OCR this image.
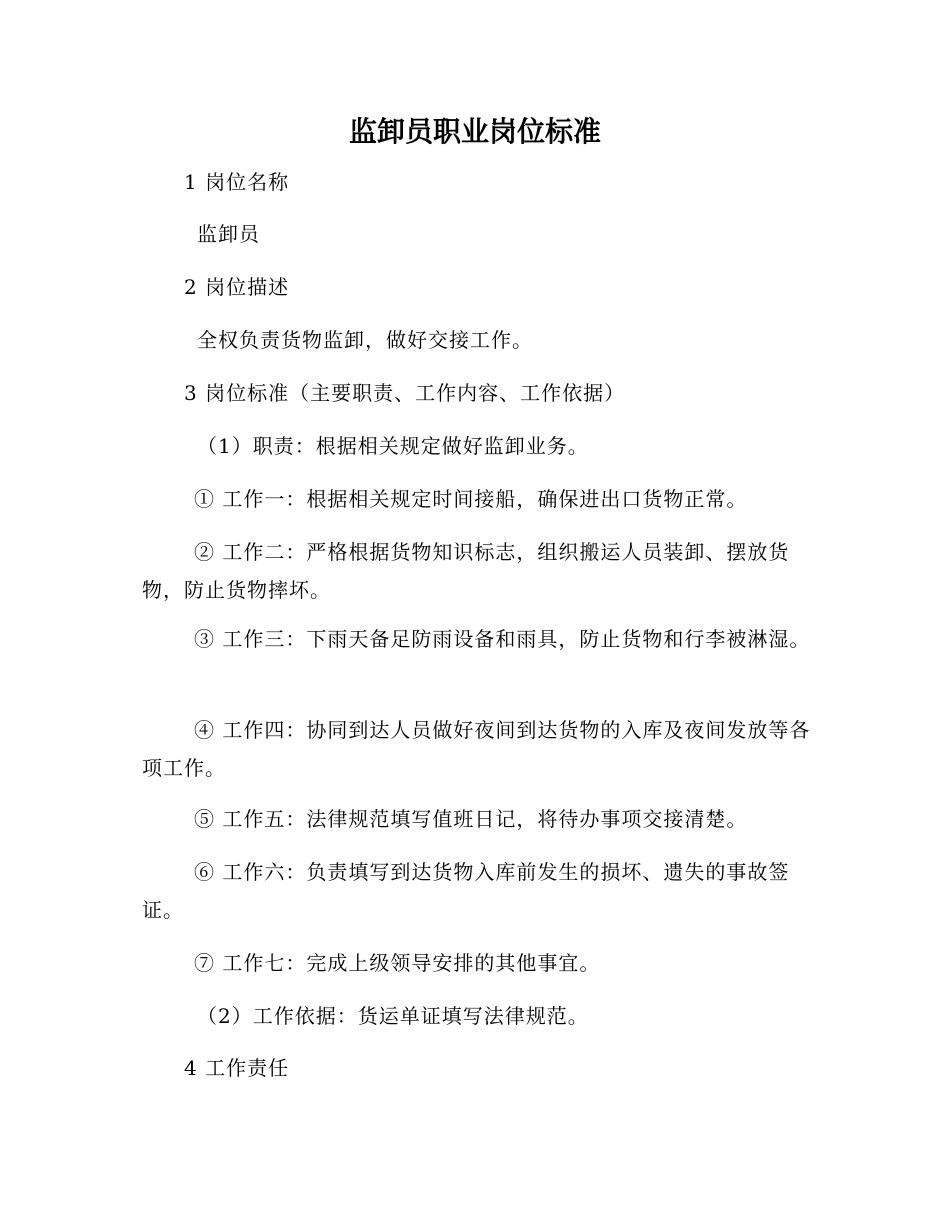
监卸员职业岗位标准

1 岗位名称

监卸员

2 岗位描述

全权负责货物监卸，做好交接工作。

3 岗位标准（主要职责、工作内容、工作依据）

（1）职责：根据相关规定做好监卸业务。

① 工作一：根据相关规定时间接船，确保进出口货物正常。

② 工作二：严格根据货物知识标志，组织搬运人员装卸、摆放货物，防止货物摔坏。

③ 工作三：下雨天备足防雨设备和雨具，防止货物和行李被淋湿。

④ 工作四：协同到达人员做好夜间到达货物的入库及夜间发放等各项工作。

⑤ 工作五：法律规范填写值班日记，将待办事项交接清楚。

⑥ 工作六：负责填写到达货物入库前发生的损坏、遗失的事故签证。

⑦ 工作七：完成上级领导安排的其他事宜。

（2）工作依据：货运单证填写法律规范。

4 工作责任
